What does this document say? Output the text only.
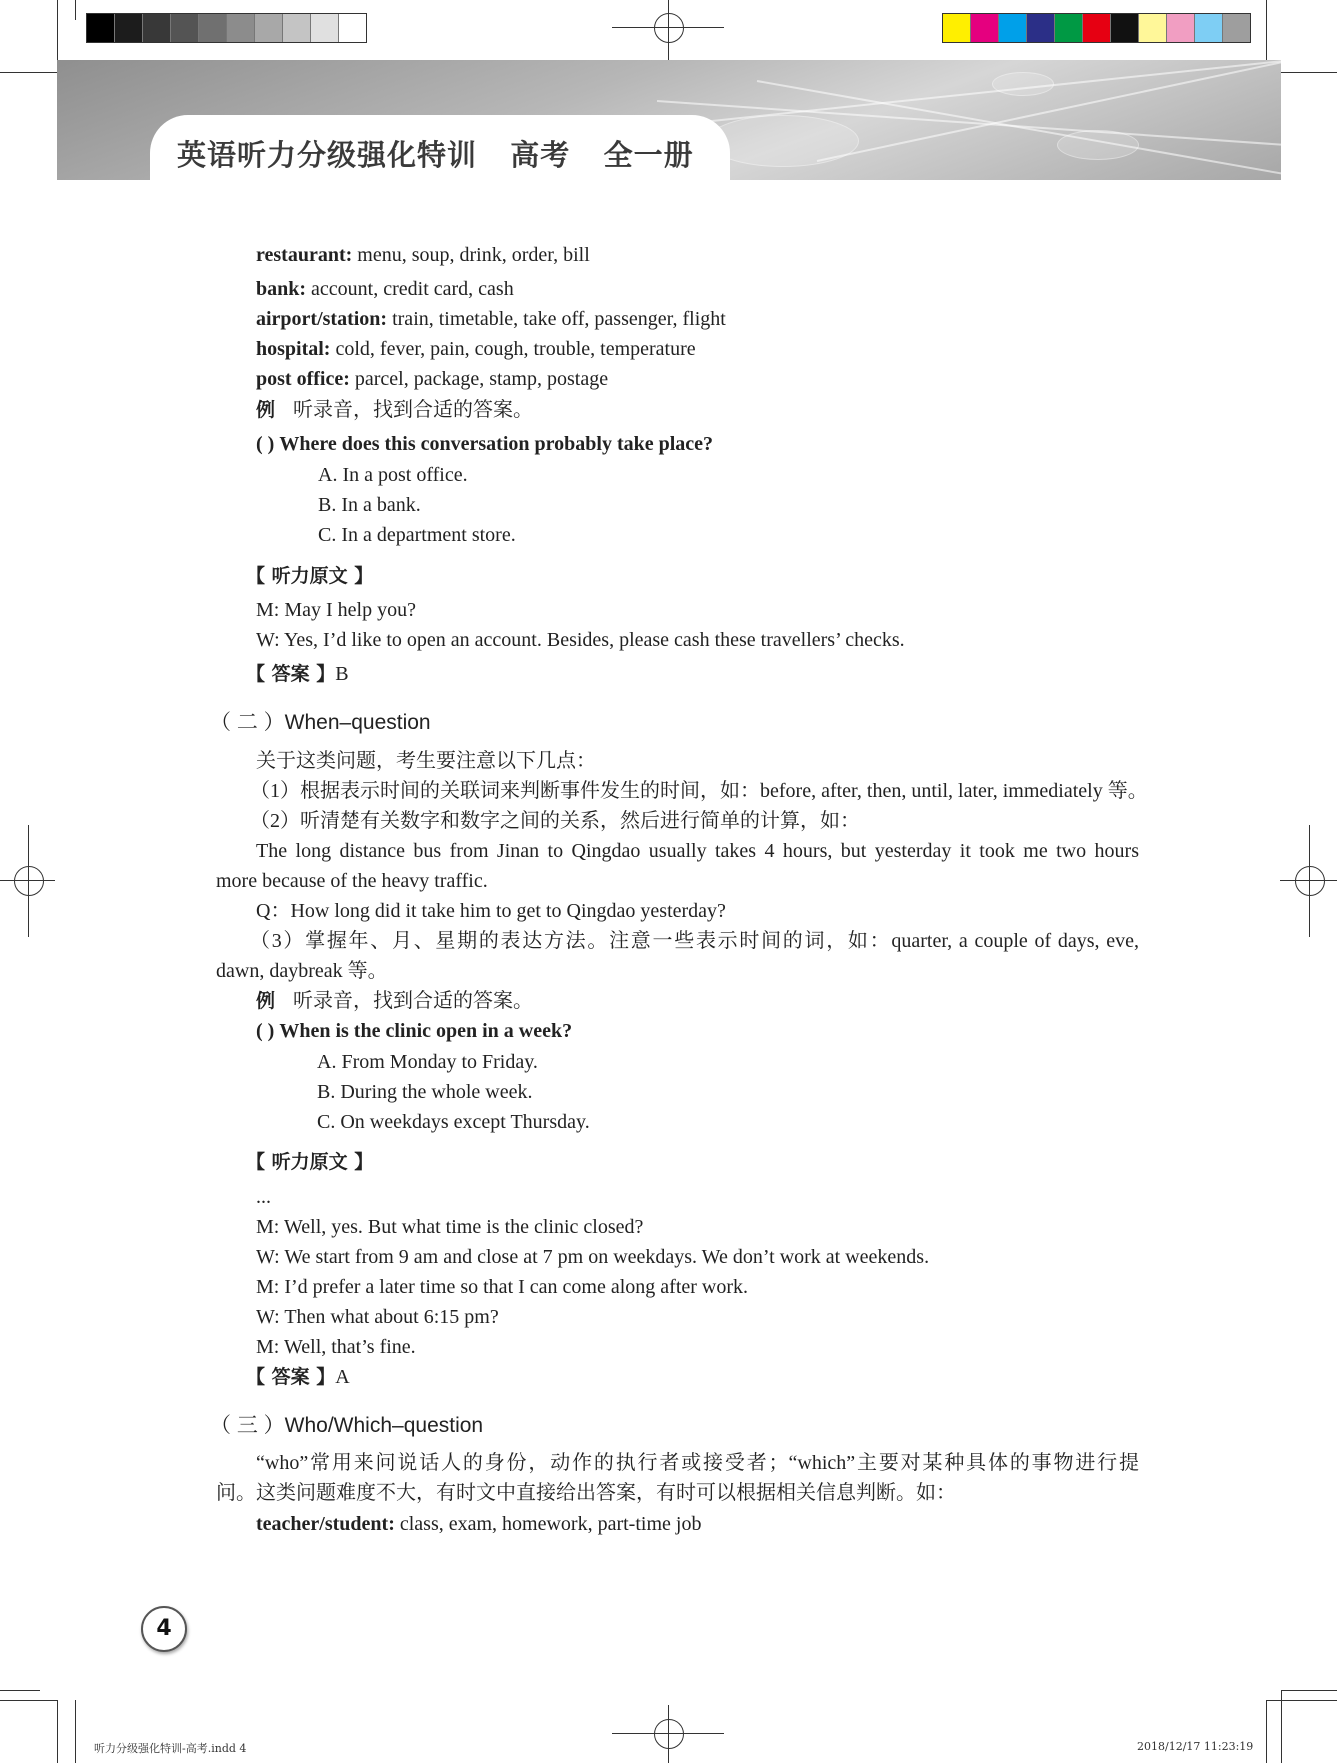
英语听力分级强化特训   高考   全一册
restaurant: menu, soup, drink, order, bill
bank: account, credit card, cash
airport/station: train, timetable, take off, passenger, flight
hospital: cold, fever, pain, cough, trouble, temperature
post office: parcel, package, stamp, postage
例 听录音，找到合适的答案。
( ) Where does this conversation probably take place?
A. In a post office.
B. In a bank.
C. In a department store.
【 听力原文 】
M: May I help you?
W: Yes, I’d like to open an account. Besides, please cash these travellers’ checks.
【 答案 】B
（ 二 ）When–question
关于这类问题，考生要注意以下几点：
（1）根据表示时间的关联词来判断事件发生的时间，如：before, after, then, until, later, immediately 等。
（2）听清楚有关数字和数字之间的关系，然后进行简单的计算，如：
The long distance bus from Jinan to Qingdao usually takes 4 hours, but yesterday it took me two hours
more because of the heavy traffic.
Q：How long did it take him to get to Qingdao yesterday?
（3）掌握年、月、星期的表达方法。注意一些表示时间的词，如：quarter, a couple of days, eve,
dawn, daybreak 等。
例 听录音，找到合适的答案。
( ) When is the clinic open in a week?
A. From Monday to Friday.
B. During the whole week.
C. On weekdays except Thursday.
【 听力原文 】
...
M: Well, yes. But what time is the clinic closed?
W: We start from 9 am and close at 7 pm on weekdays. We don’t work at weekends.
M: I’d prefer a later time so that I can come along after work.
W: Then what about 6:15 pm?
M: Well, that’s fine.
【 答案 】A
（ 三 ）Who/Which–question
“who”常用来问说话人的身份，动作的执行者或接受者；“which”主要对某种具体的事物进行提
问。这类问题难度不大，有时文中直接给出答案，有时可以根据相关信息判断。如：
teacher/student: class, exam, homework, part-time job
4
听力分级强化特训-高考.indd 4	2018/12/17 11:23:19
